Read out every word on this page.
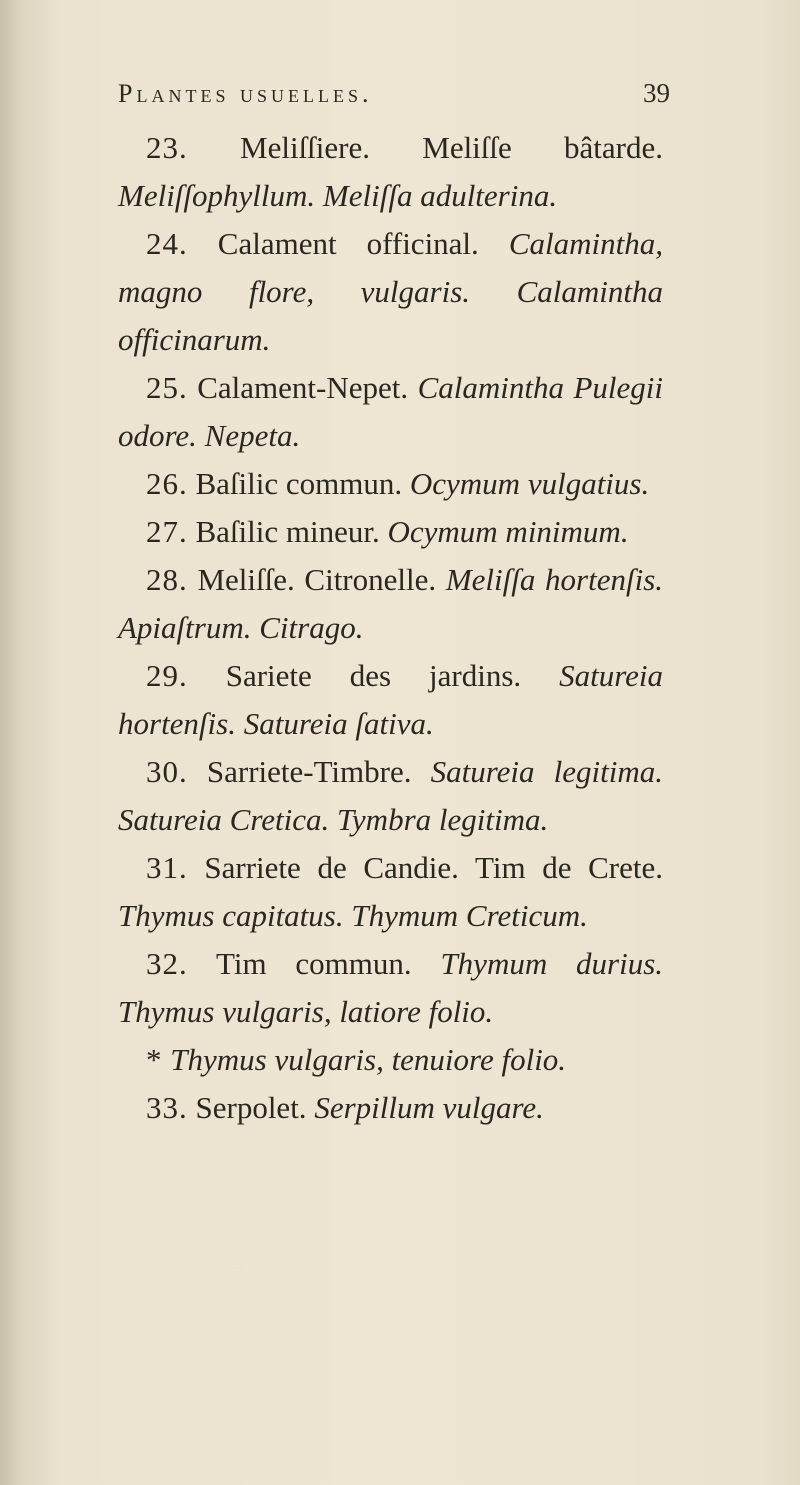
Plantes usuelles.	39

23. Meliſſiere. Meliſſe bâtarde. Meliſſophyllum. Meliſſa adulterina.

24. Calament officinal. Calamintha, magno flore, vulgaris. Calamintha officinarum.

25. Calament-Nepet. Calamintha Pulegii odore. Nepeta.

26. Baſilic commun. Ocymum vulgatius.

27. Baſilic mineur. Ocymum minimum.

28. Meliſſe. Citronelle. Meliſſa hortenſis. Apiaſtrum. Citrago.

29. Sariete des jardins. Satureia hortenſis. Satureia ſativa.

30. Sarriete-Timbre. Satureia legitima. Satureia Cretica. Tymbra legitima.

31. Sarriete de Candie. Tim de Crete. Thymus capitatus. Thymum Creticum.

32. Tim commun. Thymum durius. Thymus vulgaris, latiore folio.

* Thymus vulgaris, tenuiore folio.

33. Serpolet. Serpillum vulgare.
